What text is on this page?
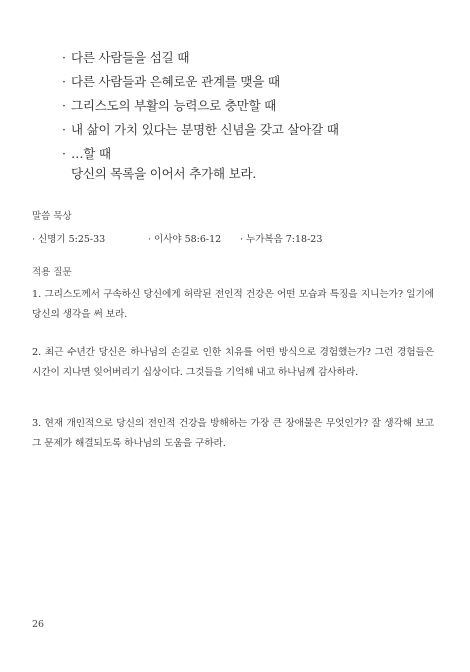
· 다른 사람들을 섬길 때
· 다른 사람들과 은혜로운 관계를 맺을 때
· 그리스도의 부활의 능력으로 충만할 때
· 내 삶이 가치 있다는 분명한 신념을 갖고 살아갈 때
· …할 때
당신의 목록을 이어서 추가해 보라.
말씀 묵상
· 신명기 5:25-33	· 이사야 58:6-12 · 누가복음 7:18-23
적용 질문
1. 그리스도께서 구속하신 당신에게 허락된 전인적 건강은 어떤 모습과 특징을 지니는가? 일기에 당신의 생각을 써 보라.
2. 최근 수년간 당신은 하나님의 손길로 인한 치유를 어떤 방식으로 경험했는가? 그런 경험들은 시간이 지나면 잊어버리기 십상이다. 그것들을 기억해 내고 하나님께 감사하라.
3. 현재 개인적으로 당신의 전인적 건강을 방해하는 가장 큰 장애물은 무엇인가? 잘 생각해 보고 그 문제가 해결되도록 하나님의 도움을 구하라.
26
